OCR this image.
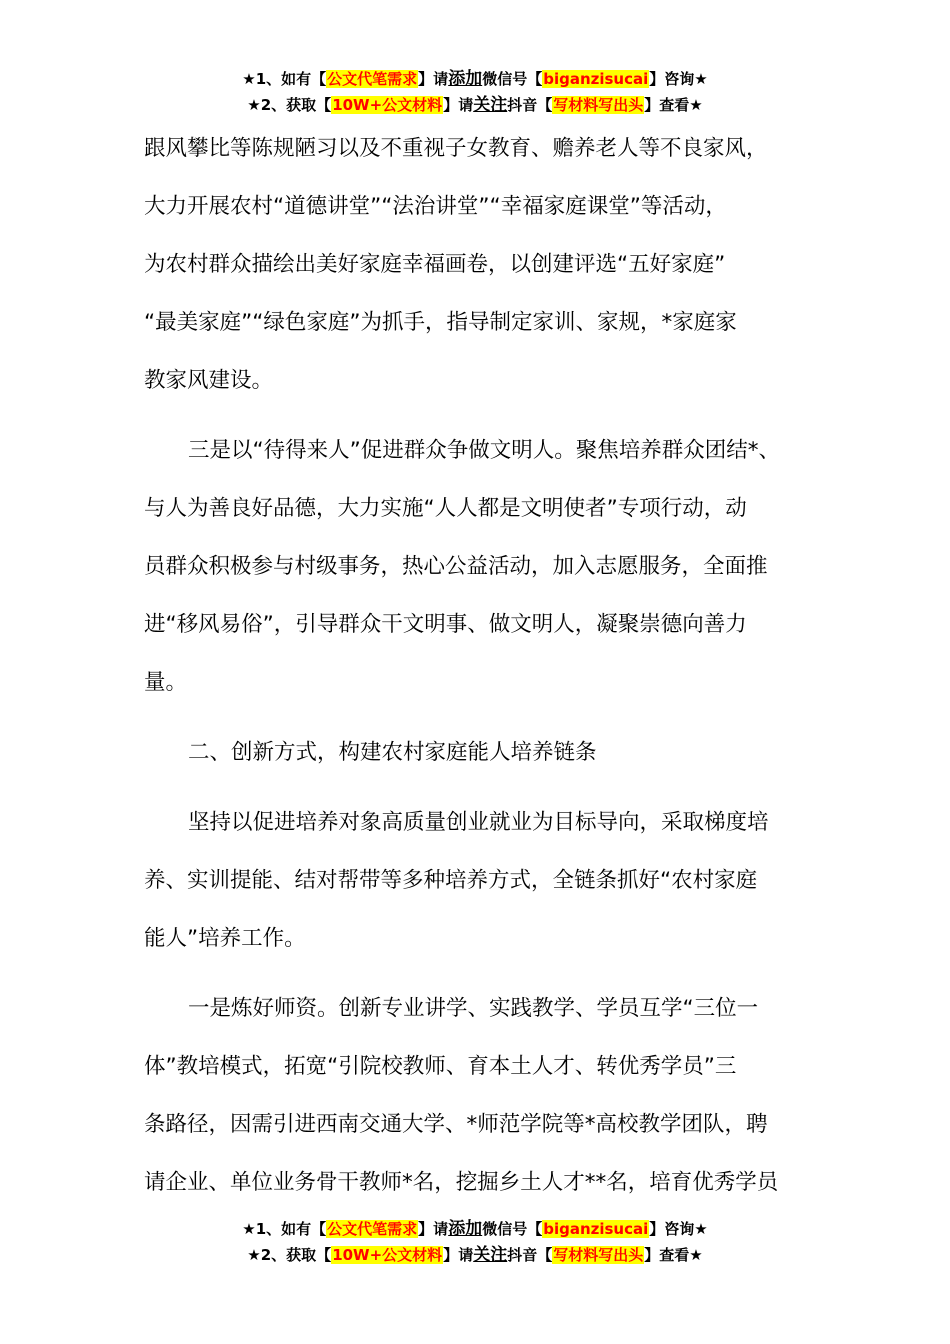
★1、如有【公文代笔需求】请添加微信号【biganzisucai】咨询★
★2、获取【10W+公文材料】请关注抖音【写材料写出头】查看★

跟风攀比等陈规陋习以及不重视子女教育、赡养老人等不良家风，
大力开展农村“道德讲堂”“法治讲堂”“幸福家庭课堂”等活动，
为农村群众描绘出美好家庭幸福画卷，以创建评选“五好家庭”
“最美家庭”“绿色家庭”为抓手，指导制定家训、家规，*家庭家
教家风建设。

三是以“待得来人”促进群众争做文明人。聚焦培养群众团结*、
与人为善良好品德，大力实施“人人都是文明使者”专项行动，动
员群众积极参与村级事务，热心公益活动，加入志愿服务，全面推
进“移风易俗”，引导群众干文明事、做文明人，凝聚崇德向善力
量。

二、创新方式，构建农村家庭能人培养链条

坚持以促进培养对象高质量创业就业为目标导向，采取梯度培
养、实训提能、结对帮带等多种培养方式，全链条抓好“农村家庭
能人”培养工作。

一是炼好师资。创新专业讲学、实践教学、学员互学“三位一
体”教培模式，拓宽“引院校教师、育本土人才、转优秀学员”三
条路径，因需引进西南交通大学、*师范学院等*高校教学团队，聘
请企业、单位业务骨干教师*名，挖掘乡土人才**名，培育优秀学员

★1、如有【公文代笔需求】请添加微信号【biganzisucai】咨询★
★2、获取【10W+公文材料】请关注抖音【写材料写出头】查看★
